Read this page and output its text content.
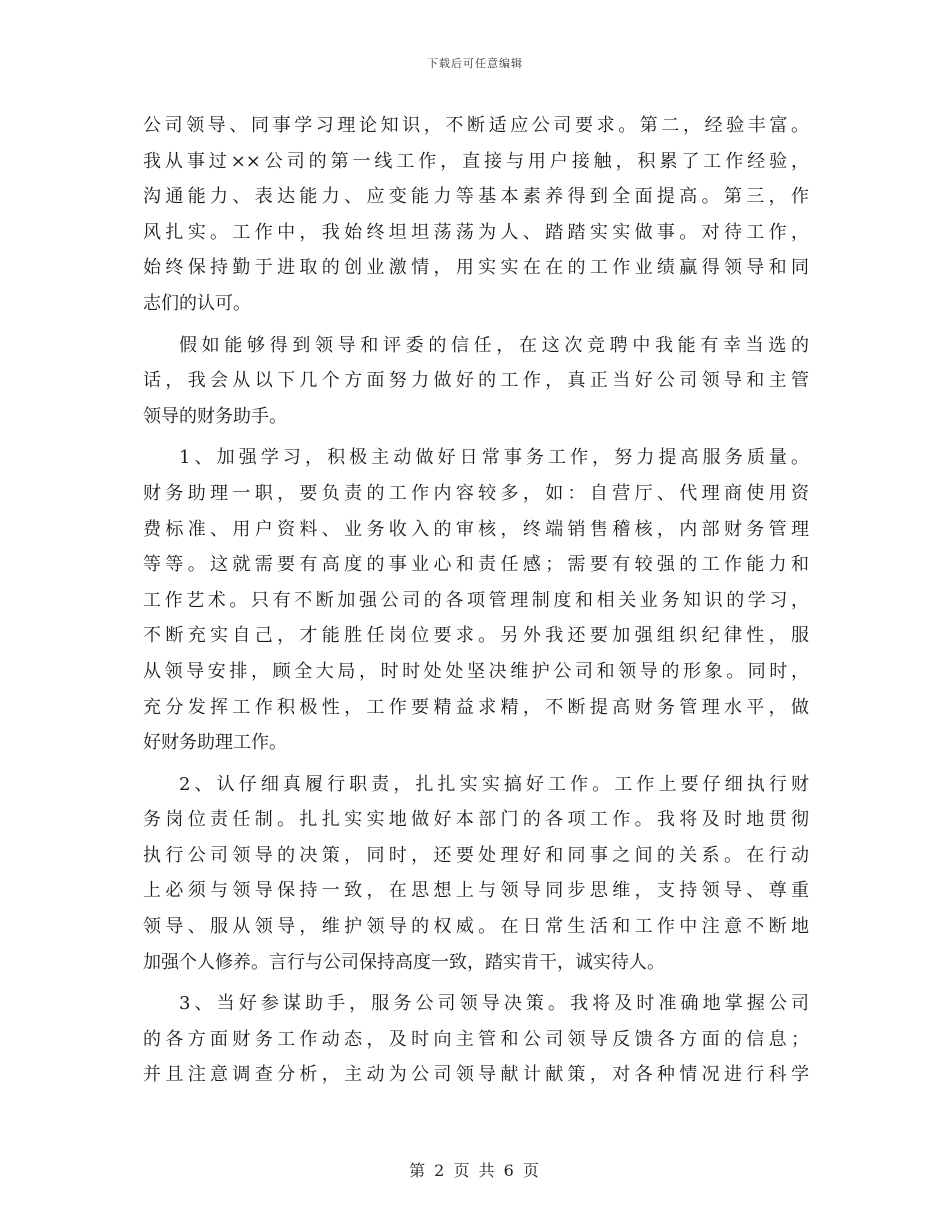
下载后可任意编辑
公司领导、同事学习理论知识，不断适应公司要求。第二，经验丰富。
我从事过××公司的第一线工作，直接与用户接触，积累了工作经验，
沟通能力、表达能力、应变能力等基本素养得到全面提高。第三，作
风扎实。工作中，我始终坦坦荡荡为人、踏踏实实做事。对待工作，
始终保持勤于进取的创业激情，用实实在在的工作业绩赢得领导和同
志们的认可。
假如能够得到领导和评委的信任，在这次竞聘中我能有幸当选的
话，我会从以下几个方面努力做好的工作，真正当好公司领导和主管
领导的财务助手。
1、加强学习，积极主动做好日常事务工作，努力提高服务质量。
财务助理一职，要负责的工作内容较多，如：自营厅、代理商使用资
费标准、用户资料、业务收入的审核，终端销售稽核，内部财务管理
等等。这就需要有高度的事业心和责任感；需要有较强的工作能力和
工作艺术。只有不断加强公司的各项管理制度和相关业务知识的学习，
不断充实自己，才能胜任岗位要求。另外我还要加强组织纪律性，服
从领导安排，顾全大局，时时处处坚决维护公司和领导的形象。同时，
充分发挥工作积极性，工作要精益求精，不断提高财务管理水平，做
好财务助理工作。
2、认仔细真履行职责，扎扎实实搞好工作。工作上要仔细执行财
务岗位责任制。扎扎实实地做好本部门的各项工作。我将及时地贯彻
执行公司领导的决策，同时，还要处理好和同事之间的关系。在行动
上必须与领导保持一致，在思想上与领导同步思维，支持领导、尊重
领导、服从领导，维护领导的权威。在日常生活和工作中注意不断地
加强个人修养。言行与公司保持高度一致，踏实肯干，诚实待人。
3、当好参谋助手，服务公司领导决策。我将及时准确地掌握公司
的各方面财务工作动态，及时向主管和公司领导反馈各方面的信息；
并且注意调查分析，主动为公司领导献计献策，对各种情况进行科学
第 2 页 共 6 页
